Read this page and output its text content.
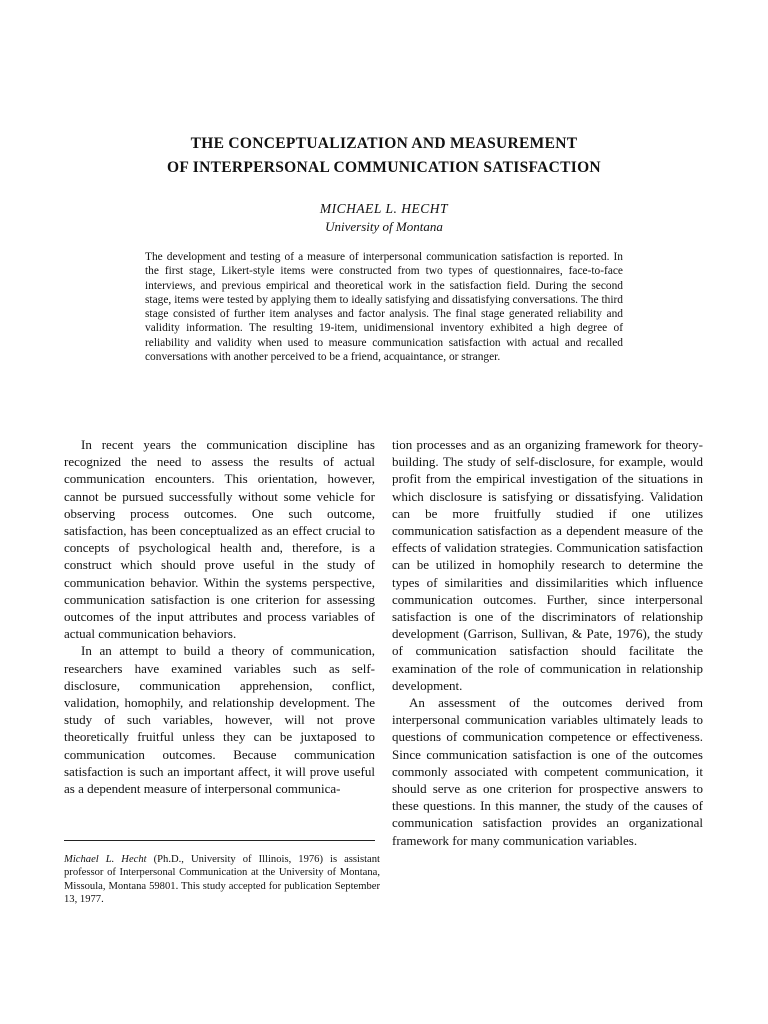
THE CONCEPTUALIZATION AND MEASUREMENT
OF INTERPERSONAL COMMUNICATION SATISFACTION
MICHAEL L. HECHT
University of Montana

The development and testing of a measure of interpersonal communication satisfaction is reported. In the first stage, Likert-style items were constructed from two types of questionnaires, face-to-face interviews, and previous empirical and theoretical work in the satisfaction field. During the second stage, items were tested by applying them to ideally satisfying and dissatisfying conversations. The third stage consisted of further item analyses and factor analysis. The final stage generated reliability and validity information. The resulting 19-item, unidimensional inventory exhibited a high degree of reliability and validity when used to measure communication satisfaction with actual and recalled conversations with another perceived to be a friend, acquaintance, or stranger.

In recent years the communication discipline has recognized the need to assess the results of actual communication encounters. This orientation, however, cannot be pursued successfully without some vehicle for observing process outcomes. One such outcome, satisfaction, has been conceptualized as an effect crucial to concepts of psychological health and, therefore, is a construct which should prove useful in the study of communication behavior. Within the systems perspective, communication satisfaction is one criterion for assessing outcomes of the input attributes and process variables of actual communication behaviors.

In an attempt to build a theory of communication, researchers have examined variables such as self-disclosure, communication apprehension, conflict, validation, homophily, and relationship development. The study of such variables, however, will not prove theoretically fruitful unless they can be juxtaposed to communication outcomes. Because communication satisfaction is such an important affect, it will prove useful as a dependent measure of interpersonal communica-

tion processes and as an organizing framework for theory-building. The study of self-disclosure, for example, would profit from the empirical investigation of the situations in which disclosure is satisfying or dissatisfying. Validation can be more fruitfully studied if one utilizes communication satisfaction as a dependent measure of the effects of validation strategies. Communication satisfaction can be utilized in homophily research to determine the types of similarities and dissimilarities which influence communication outcomes. Further, since interpersonal satisfaction is one of the discriminators of relationship development (Garrison, Sullivan, & Pate, 1976), the study of communication satisfaction should facilitate the examination of the role of communication in relationship development.

An assessment of the outcomes derived from interpersonal communication variables ultimately leads to questions of communication competence or effectiveness. Since communication satisfaction is one of the outcomes commonly associated with competent communication, it should serve as one criterion for prospective answers to these questions. In this manner, the study of the causes of communication satisfaction provides an organizational framework for many communication variables.

Michael L. Hecht (Ph.D., University of Illinois, 1976) is assistant professor of Interpersonal Communication at the University of Montana, Missoula, Montana 59801. This study accepted for publication September 13, 1977.
